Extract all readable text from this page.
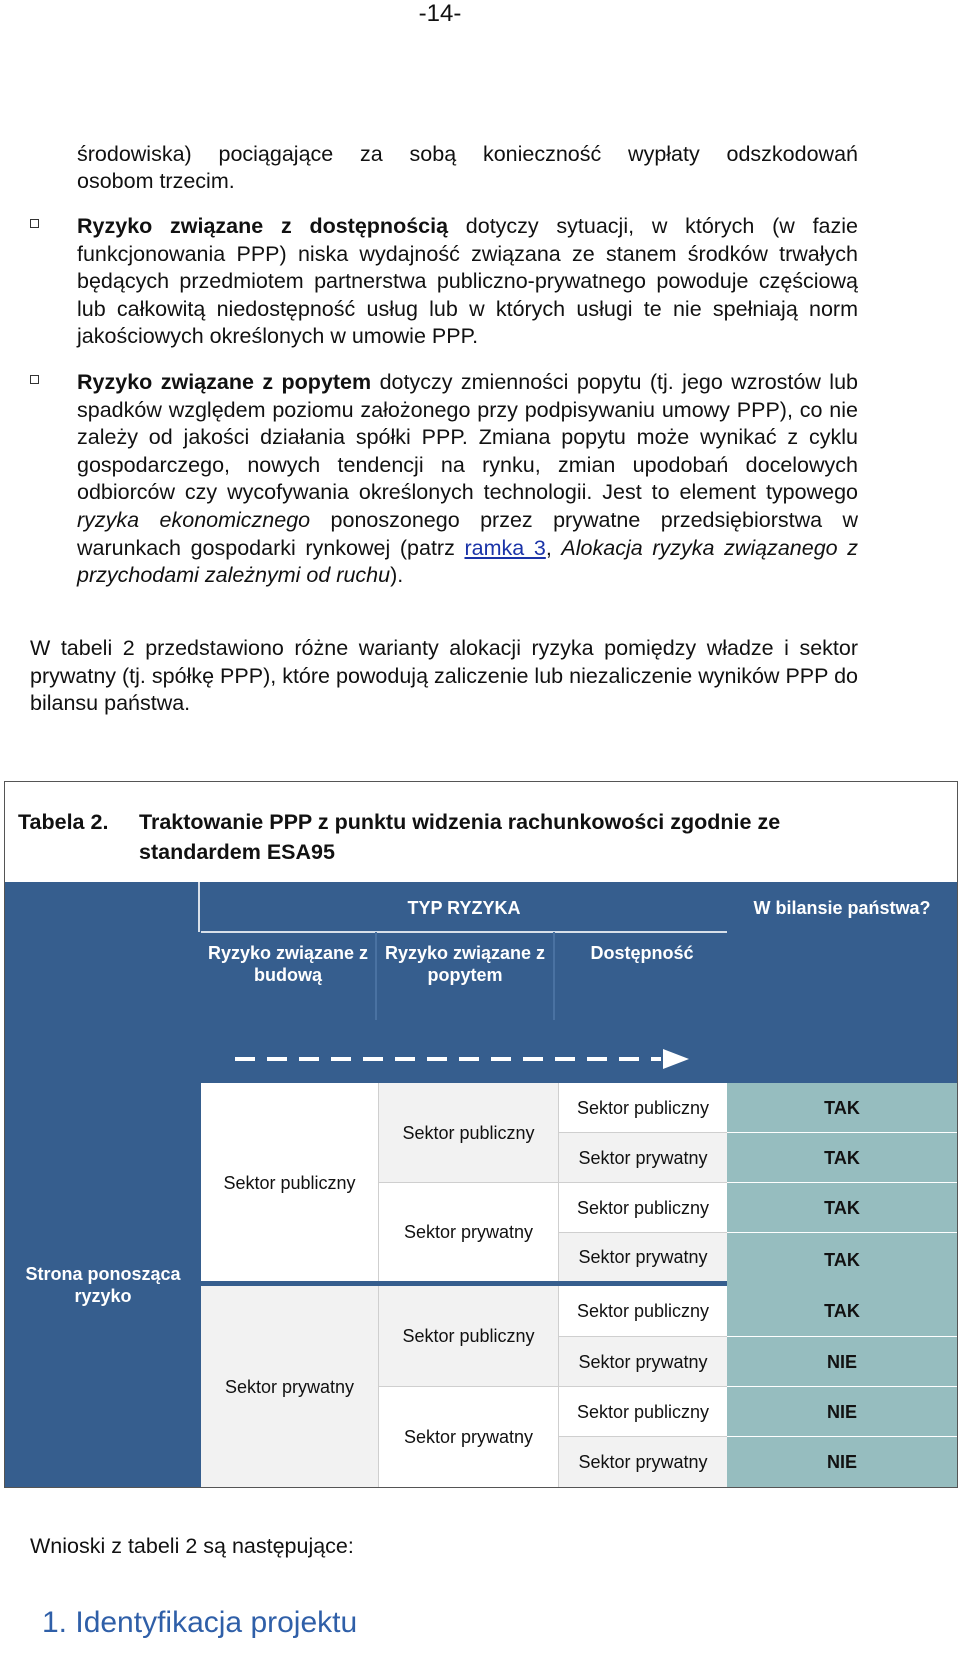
-14-

środowiska) pociągające za sobą konieczność wypłaty odszkodowań

osobom trzecim.

Ryzyko związane z dostępnością dotyczy sytuacji, w których (w fazie funkcjonowania PPP) niska wydajność związana ze stanem środków trwałych będących przedmiotem partnerstwa publiczno-prywatnego powoduje częściową lub całkowitą niedostępność usług lub w których usługi te nie spełniają norm jakościowych określonych w umowie PPP.

Ryzyko związane z popytem dotyczy zmienności popytu (tj. jego wzrostów lub spadków względem poziomu założonego przy podpisywaniu umowy PPP), co nie zależy od jakości działania spółki PPP. Zmiana popytu może wynikać z cyklu gospodarczego, nowych tendencji na rynku, zmian upodobań docelowych odbiorców czy wycofywania określonych technologii. Jest to element typowego ryzyka ekonomicznego ponoszonego przez prywatne przedsiębiorstwa w warunkach gospodarki rynkowej (patrz ramka 3, Alokacja ryzyka związanego z przychodami zależnymi od ruchu).

W tabeli 2 przedstawiono różne warianty alokacji ryzyka pomiędzy władze i sektor prywatny (tj. spółkę PPP), które powodują zaliczenie lub niezaliczenie wyników PPP do bilansu państwa.

Tabela 2. Traktowanie PPP z punktu widzenia rachunkowości zgodnie ze
standardem ESA95
TYP RYZYKA	W bilansie państwa?
Ryzyko związane z budową
Ryzyko związane z popytem
Dostępność
Strona ponosząca ryzyko
Sektor publiczny
Sektor prywatny
Sektor publiczny
Sektor prywatny
Sektor publiczny
Sektor prywatny
Sektor publiczny
Sektor prywatny
Sektor publiczny
Sektor prywatny
Sektor publiczny
Sektor prywatny
Sektor publiczny
Sektor prywatny
TAK
TAK
TAK
TAK
TAK
NIE
NIE
NIE

Wnioski z tabeli 2 są następujące:

1. Identyfikacja projektu
